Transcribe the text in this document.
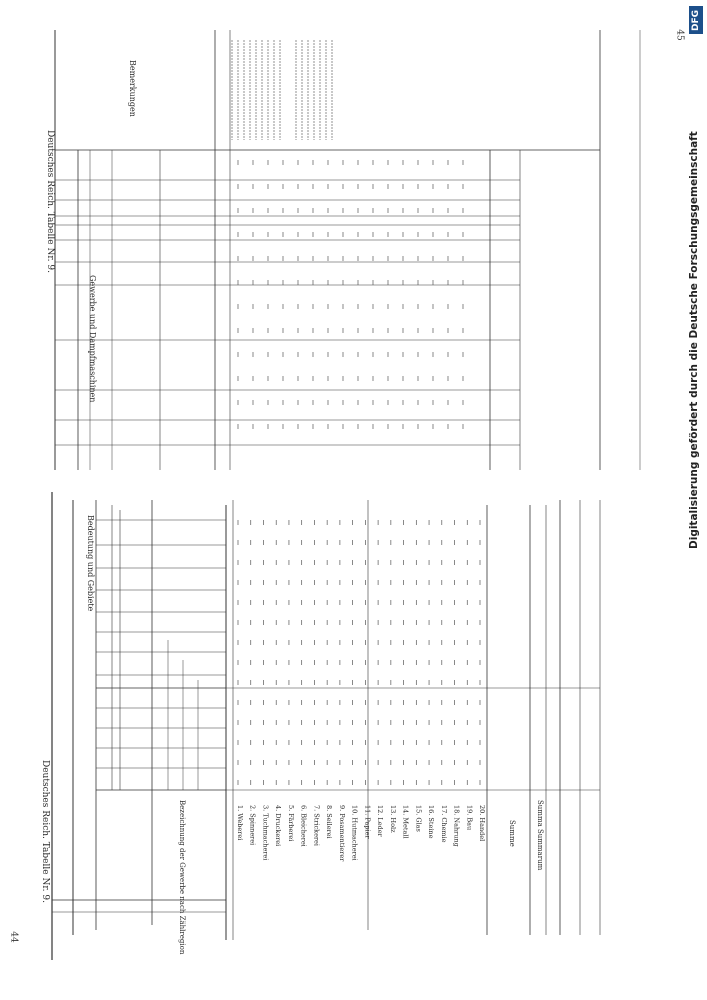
DFG
Digitalisierung gefördert durch die Deutsche Forschungsgemeinschaft
44
45
Deutsches Reich. Tabelle Nr. 9.
Bedeutung und Gebiete
Bezeichnung der Gewerbe nach Zählregion	Summe	Summa Summarum
1. Weberei 2. Spinnerei 3. Tuchmacherei 4. Druckerei 5. Färberei 6. Bleicherei 7. Strickerei 8. Seilerei 9. Posamentierer 10. Hutmacherei 11. Papier 12. Leder 13. Holz 14. Metall 15. Glas 16. Steine 17. Chemie 18. Nahrung 19. Bau 20. Handel
Deutsches Reich. Tabelle Nr. 9.
Gewerbe und Dampfmaschinen
Bemerkungen
